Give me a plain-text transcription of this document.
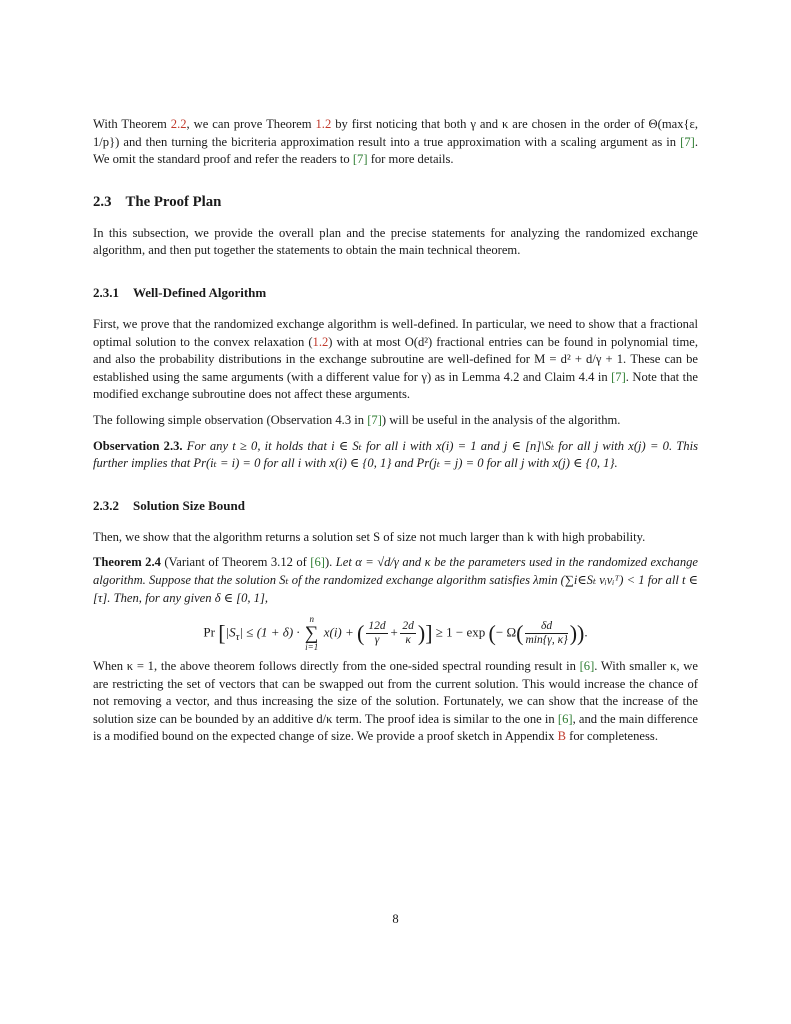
With Theorem 2.2, we can prove Theorem 1.2 by first noticing that both γ and κ are chosen in the order of Θ(max{ε, 1/p}) and then turning the bicriteria approximation result into a true approximation with a scaling argument as in [7]. We omit the standard proof and refer the readers to [7] for more details.

2.3 The Proof Plan

In this subsection, we provide the overall plan and the precise statements for analyzing the randomized exchange algorithm, and then put together the statements to obtain the main technical theorem.

2.3.1 Well-Defined Algorithm

First, we prove that the randomized exchange algorithm is well-defined. In particular, we need to show that a fractional optimal solution to the convex relaxation (1.2) with at most O(d²) fractional entries can be found in polynomial time, and also the probability distributions in the exchange subroutine are well-defined for M = d² + d/γ + 1. These can be established using the same arguments (with a different value for γ) as in Lemma 4.2 and Claim 4.4 in [7]. Note that the modified exchange subroutine does not affect these arguments.

The following simple observation (Observation 4.3 in [7]) will be useful in the analysis of the algorithm.

Observation 2.3. For any t ≥ 0, it holds that i ∈ Sₜ for all i with x(i) = 1 and j ∈ [n]\Sₜ for all j with x(j) = 0. This further implies that Pr(iₜ = i) = 0 for all i with x(i) ∈ {0, 1} and Pr(jₜ = j) = 0 for all j with x(j) ∈ {0, 1}.

2.3.2 Solution Size Bound

Then, we show that the algorithm returns a solution set S of size not much larger than k with high probability.

Theorem 2.4 (Variant of Theorem 3.12 of [6]). Let α = √d/γ and κ be the parameters used in the randomized exchange algorithm. Suppose that the solution Sₜ of the randomized exchange algorithm satisfies λmin (∑i∈Sₜ vᵢvᵢᵀ) < 1 for all t ∈ [τ]. Then, for any given δ ∈ [0, 1],

Pr [$|S_\tau| \le (1 + \delta)$ ·
n
∑
i=1
x(i) + ( $\frac{12d}{\gamma} + \frac{2d}{\kappa}$ )] ≥ 1 − exp (− $\Omega( \frac{\delta d}{\min\{\gamma, \kappa\}}$ )).

When κ = 1, the above theorem follows directly from the one-sided spectral rounding result in [6]. With smaller κ, we are restricting the set of vectors that can be swapped out from the current solution. This would increase the chance of not removing a vector, and thus increasing the size of the solution. Fortunately, we can show that the increase of the solution size can be bounded by an additive d/κ term. The proof idea is similar to the one in [6], and the main difference is a modified bound on the expected change of size. We provide a proof sketch in Appendix B for completeness.

8
